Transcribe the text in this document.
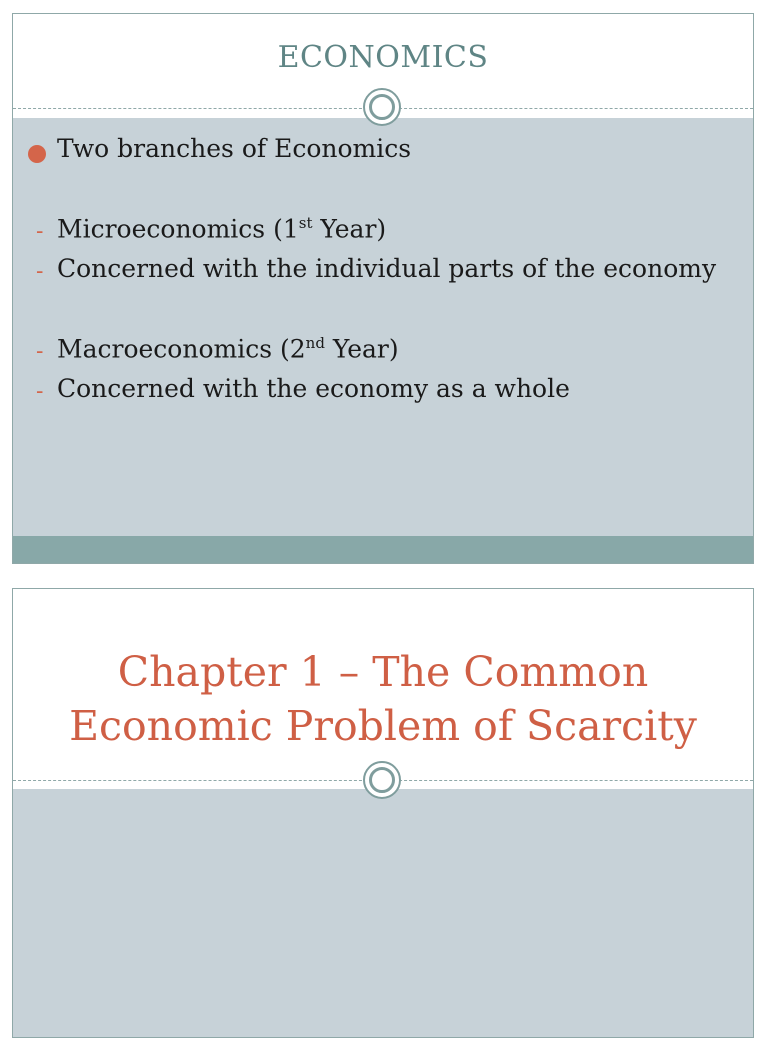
ECONOMICS
Two branches of Economics
- Microeconomics (1st Year)
- Concerned with the individual parts of the economy
- Macroeconomics (2nd Year)
- Concerned with the economy as a whole
Chapter 1 – The Common
Economic Problem of Scarcity
